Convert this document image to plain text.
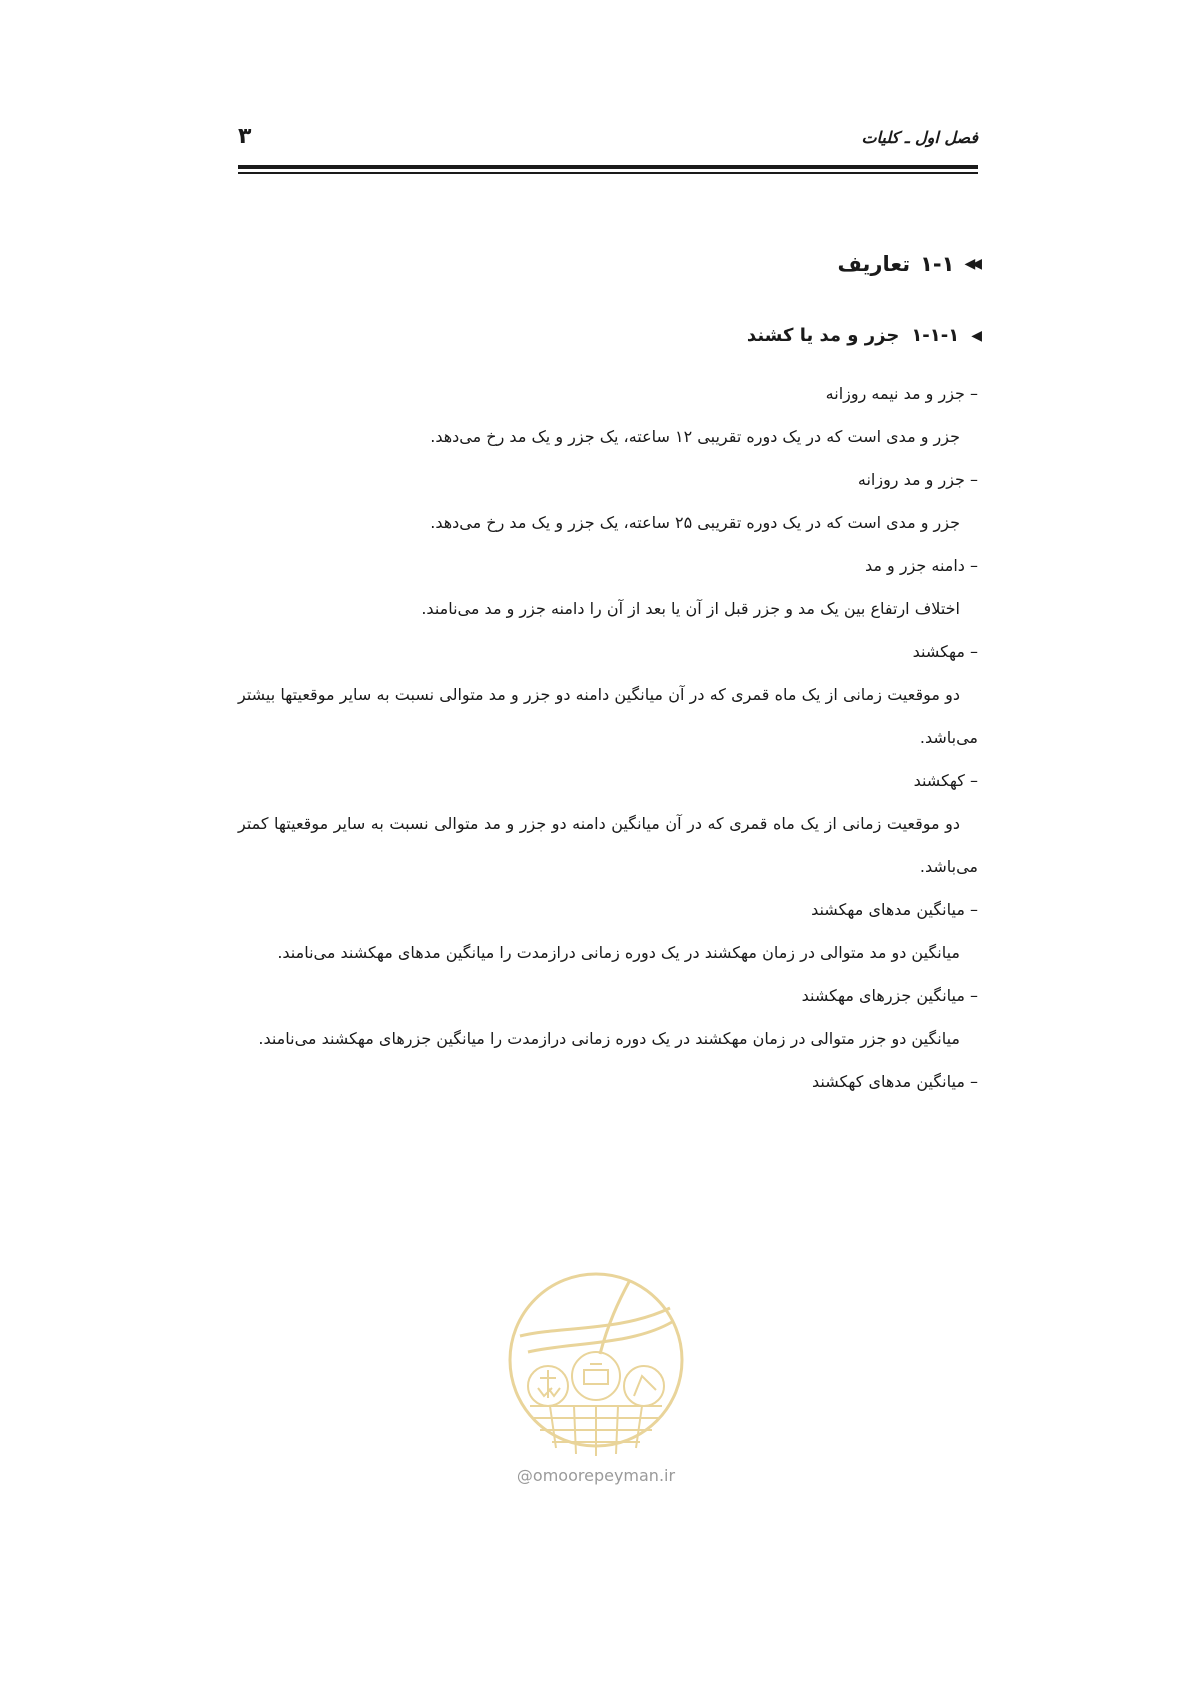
فصل اول ـ کلیات
۳
◀◀
۱-۱
تعاریف
◀
۱-۱-۱
جزر و مد یا کشند

– جزر و مد نیمه روزانه

جزر و مدی است که در یک دوره تقریبی ۱۲ ساعته، یک جزر و یک مد رخ می‌دهد.

– جزر و مد روزانه

جزر و مدی است که در یک دوره تقریبی ۲۵ ساعته، یک جزر و یک مد رخ می‌دهد.

– دامنه جزر و مد

اختلاف ارتفاع بین یک مد و جزر قبل از آن یا بعد از آن را دامنه جزر و مد می‌نامند.

– مهکشند

دو موقعیت زمانی از یک ماه قمری که در آن میانگین دامنه دو جزر و مد متوالی نسبت به سایر موقعیتها بیشتر می‌باشد.

– کهکشند

دو موقعیت زمانی از یک ماه قمری که در آن میانگین دامنه دو جزر و مد متوالی نسبت به سایر موقعیتها کمتر می‌باشد.

– میانگین مدهای مهکشند

میانگین دو مد متوالی در زمان مهکشند در یک دوره زمانی درازمدت را میانگین مدهای مهکشند می‌نامند.

– میانگین جزرهای مهکشند

میانگین دو جزر متوالی در زمان مهکشند در یک دوره زمانی درازمدت را میانگین جزرهای مهکشند می‌نامند.

– میانگین مدهای کهکشند

@omoorepeyman.ir
